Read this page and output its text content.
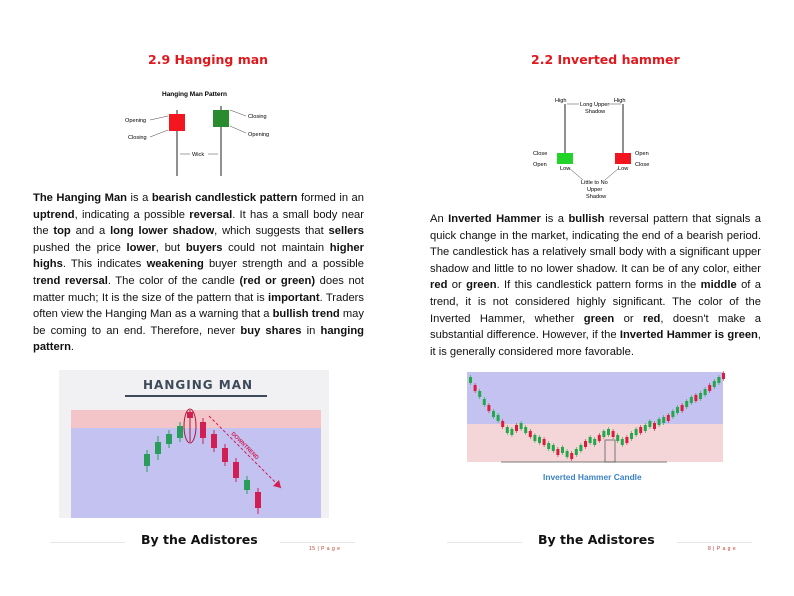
2.9 Hanging man
Hanging Man Pattern
Opening
Closing
Closing
Opening
Wick
The Hanging Man is a bearish candlestick pattern formed in an uptrend, indicating a possible reversal. It has a small body near the top and a long lower shadow, which suggests that sellers pushed the price lower, but buyers could not maintain higher highs. This indicates weakening buyer strength and a possible trend reversal. The color of the candle (red or green) does not matter much; It is the size of the pattern that is important. Traders often view the Hanging Man as a warning that a bullish trend may be coming to an end. Therefore, never buy shares in hanging pattern.
HANGING MAN
DOWNTREND
By the Adistores
15 | P a g e
2.2 Inverted hammer
High	High
Long Upper
Shadow
Close
Open
Low
Open
Close
Low
Little to No
Upper
Shadow
An Inverted Hammer is a bullish reversal pattern that signals a quick change in the market, indicating the end of a bearish period. The candlestick has a relatively small body with a significant upper shadow and little to no lower shadow. It can be of any color, either red or green. If this candlestick pattern forms in the middle of a trend, it is not considered highly significant. The color of the Inverted Hammer, whether green or red, doesn't make a substantial difference. However, if the Inverted Hammer is green, it is generally considered more favorable.
Inverted Hammer Candle
By the Adistores
8 | P a g e
